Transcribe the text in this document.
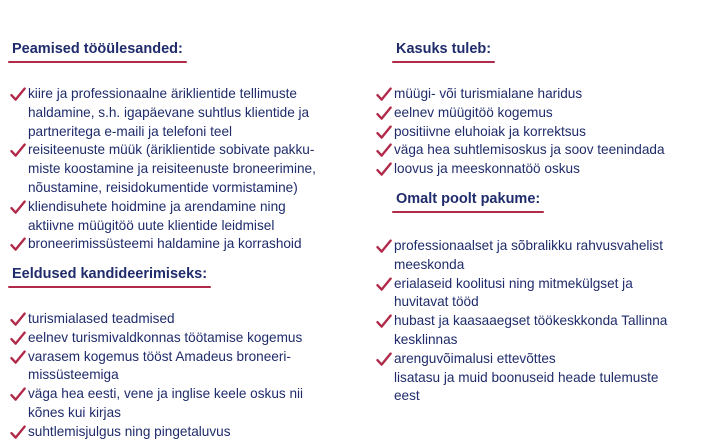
Peamised tööülesanded:
kiire ja professionaalne äriklientide tellimuste
haldamine, s.h. igapäevane suhtlus klientide ja
partneritega e-maili ja telefoni teel
reisiteenuste müük (äriklientide sobivate pakku-
miste koostamine ja reisiteenuste broneerimine,
nõustamine, reisidokumentide vormistamine)
kliendisuhete hoidmine ja arendamine ning
aktiivne müügitöö uute klientide leidmisel
broneerimissüsteemi haldamine ja korrashoid
Eeldused kandideerimiseks:
turismialased teadmised
eelnev turismivaldkonnas töötamise kogemus
varasem kogemus tööst Amadeus broneeri-
missüsteemiga
väga hea eesti, vene ja inglise keele oskus nii
kõnes kui kirjas
suhtlemisjulgus ning pingetaluvus
Kasuks tuleb:
müügi- või turismialane haridus
eelnev müügitöö kogemus
positiivne eluhoiak ja korrektsus
väga hea suhtlemisoskus ja soov teenindada
loovus ja meeskonnatöö oskus
Omalt poolt pakume:
professionaalset ja sõbralikku rahvusvahelist
meeskonda
erialaseid koolitusi ning mitmekülgset ja
huvitavat tööd
hubast ja kaasaaegset töökeskkonda Tallinna
kesklinnas
arenguvõimalusi ettevõttes
lisatasu ja muid boonuseid heade tulemuste
eest
